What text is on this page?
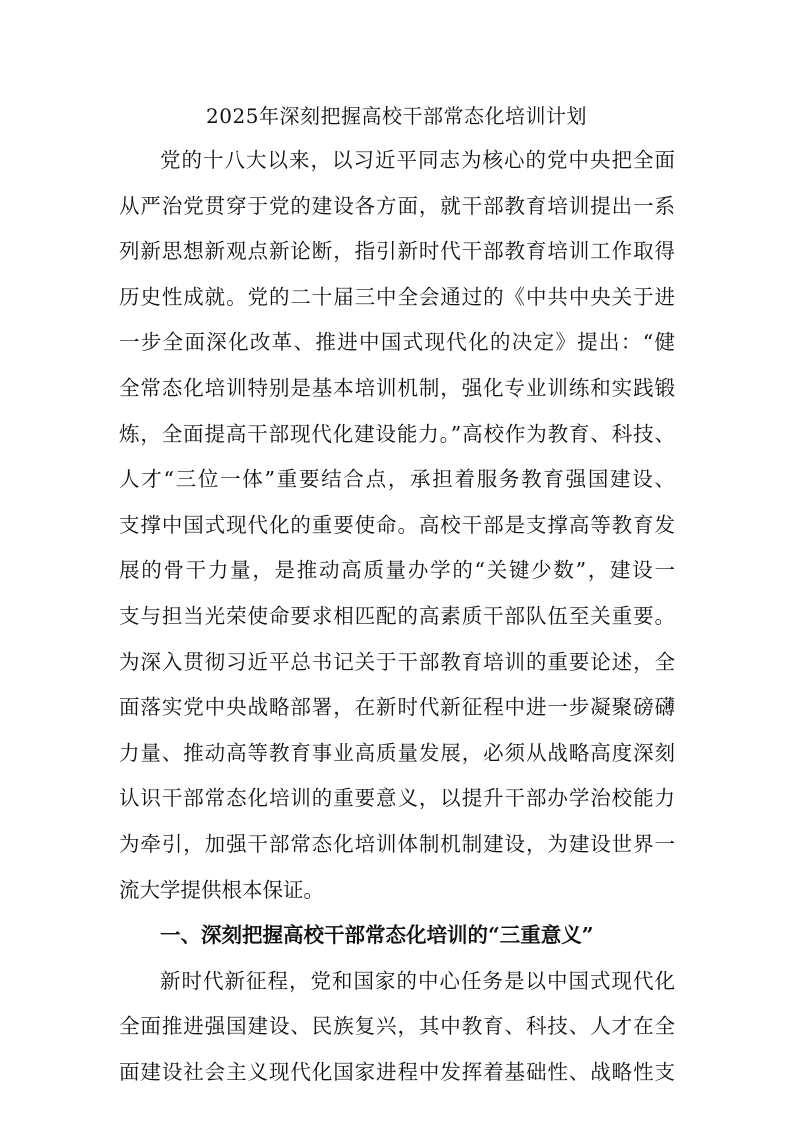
2025年深刻把握高校干部常态化培训计划
党的十八大以来，以习近平同志为核心的党中央把全面
从严治党贯穿于党的建设各方面，就干部教育培训提出一系
列新思想新观点新论断，指引新时代干部教育培训工作取得
历史性成就。党的二十届三中全会通过的《中共中央关于进
一步全面深化改革、推进中国式现代化的决定》提出：“健
全常态化培训特别是基本培训机制，强化专业训练和实践锻
炼，全面提高干部现代化建设能力。”高校作为教育、科技、
人才“三位一体”重要结合点，承担着服务教育强国建设、
支撑中国式现代化的重要使命。高校干部是支撑高等教育发
展的骨干力量，是推动高质量办学的“关键少数”，建设一
支与担当光荣使命要求相匹配的高素质干部队伍至关重要。
为深入贯彻习近平总书记关于干部教育培训的重要论述，全
面落实党中央战略部署，在新时代新征程中进一步凝聚磅礴
力量、推动高等教育事业高质量发展，必须从战略高度深刻
认识干部常态化培训的重要意义，以提升干部办学治校能力
为牵引，加强干部常态化培训体制机制建设，为建设世界一
流大学提供根本保证。
一、深刻把握高校干部常态化培训的“三重意义”
新时代新征程，党和国家的中心任务是以中国式现代化
全面推进强国建设、民族复兴，其中教育、科技、人才在全
面建设社会主义现代化国家进程中发挥着基础性、战略性支
